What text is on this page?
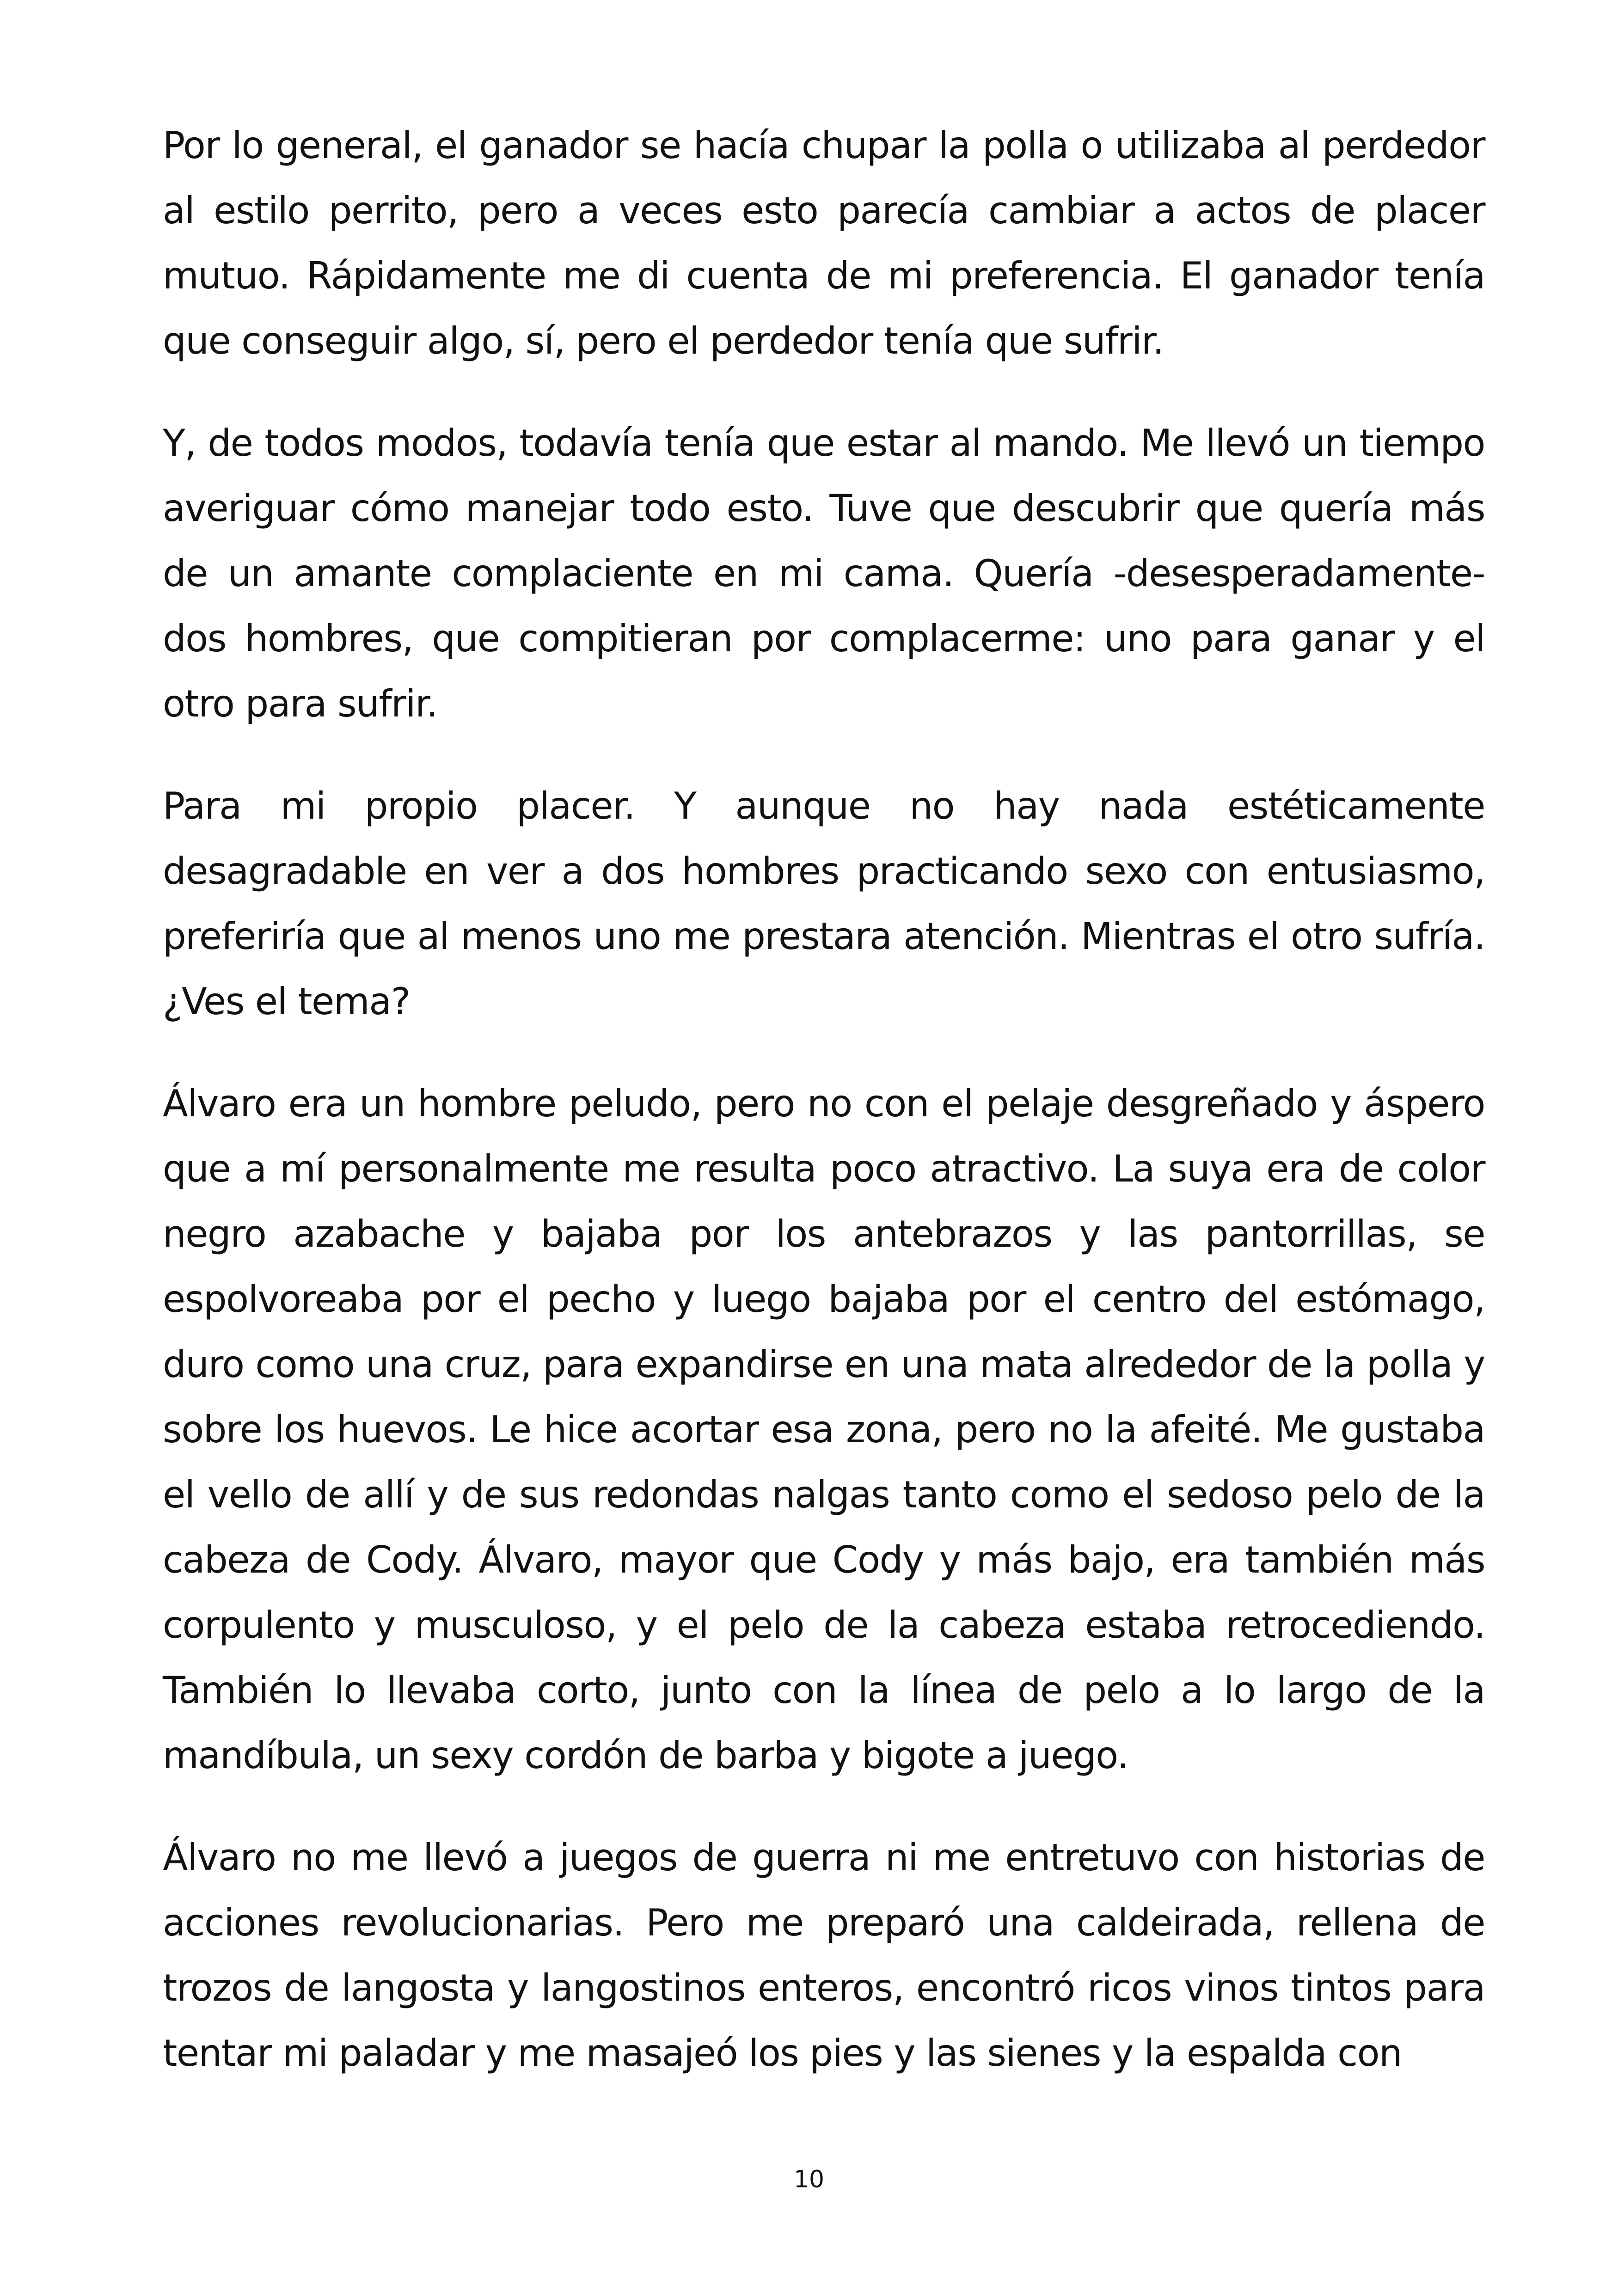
Por lo general, el ganador se hacía chupar la polla o utilizaba al perdedor al estilo perrito, pero a veces esto parecía cambiar a actos de placer mutuo. Rápidamente me di cuenta de mi preferencia. El ganador tenía que conseguir algo, sí, pero el perdedor tenía que sufrir.

Y, de todos modos, todavía tenía que estar al mando. Me llevó un tiempo averiguar cómo manejar todo esto. Tuve que descubrir que quería más de un amante complaciente en mi cama. Quería -desesperadamente- dos hombres, que compitieran por complacerme: uno para ganar y el otro para sufrir.

Para mi propio placer. Y aunque no hay nada estéticamente desagradable en ver a dos hombres practicando sexo con entusiasmo, preferiría que al menos uno me prestara atención. Mientras el otro sufría. ¿Ves el tema?

Álvaro era un hombre peludo, pero no con el pelaje desgreñado y áspero que a mí personalmente me resulta poco atractivo. La suya era de color negro azabache y bajaba por los antebrazos y las pantorrillas, se espolvoreaba por el pecho y luego bajaba por el centro del estómago, duro como una cruz, para expandirse en una mata alrededor de la polla y sobre los huevos. Le hice acortar esa zona, pero no la afeité. Me gustaba el vello de allí y de sus redondas nalgas tanto como el sedoso pelo de la cabeza de Cody. Álvaro, mayor que Cody y más bajo, era también más corpulento y musculoso, y el pelo de la cabeza estaba retrocediendo. También lo llevaba corto, junto con la línea de pelo a lo largo de la mandíbula, un sexy cordón de barba y bigote a juego.

Álvaro no me llevó a juegos de guerra ni me entretuvo con historias de acciones revolucionarias. Pero me preparó una caldeirada, rellena de trozos de langosta y langostinos enteros, encontró ricos vinos tintos para tentar mi paladar y me masajeó los pies y las sienes y la espalda con

10
